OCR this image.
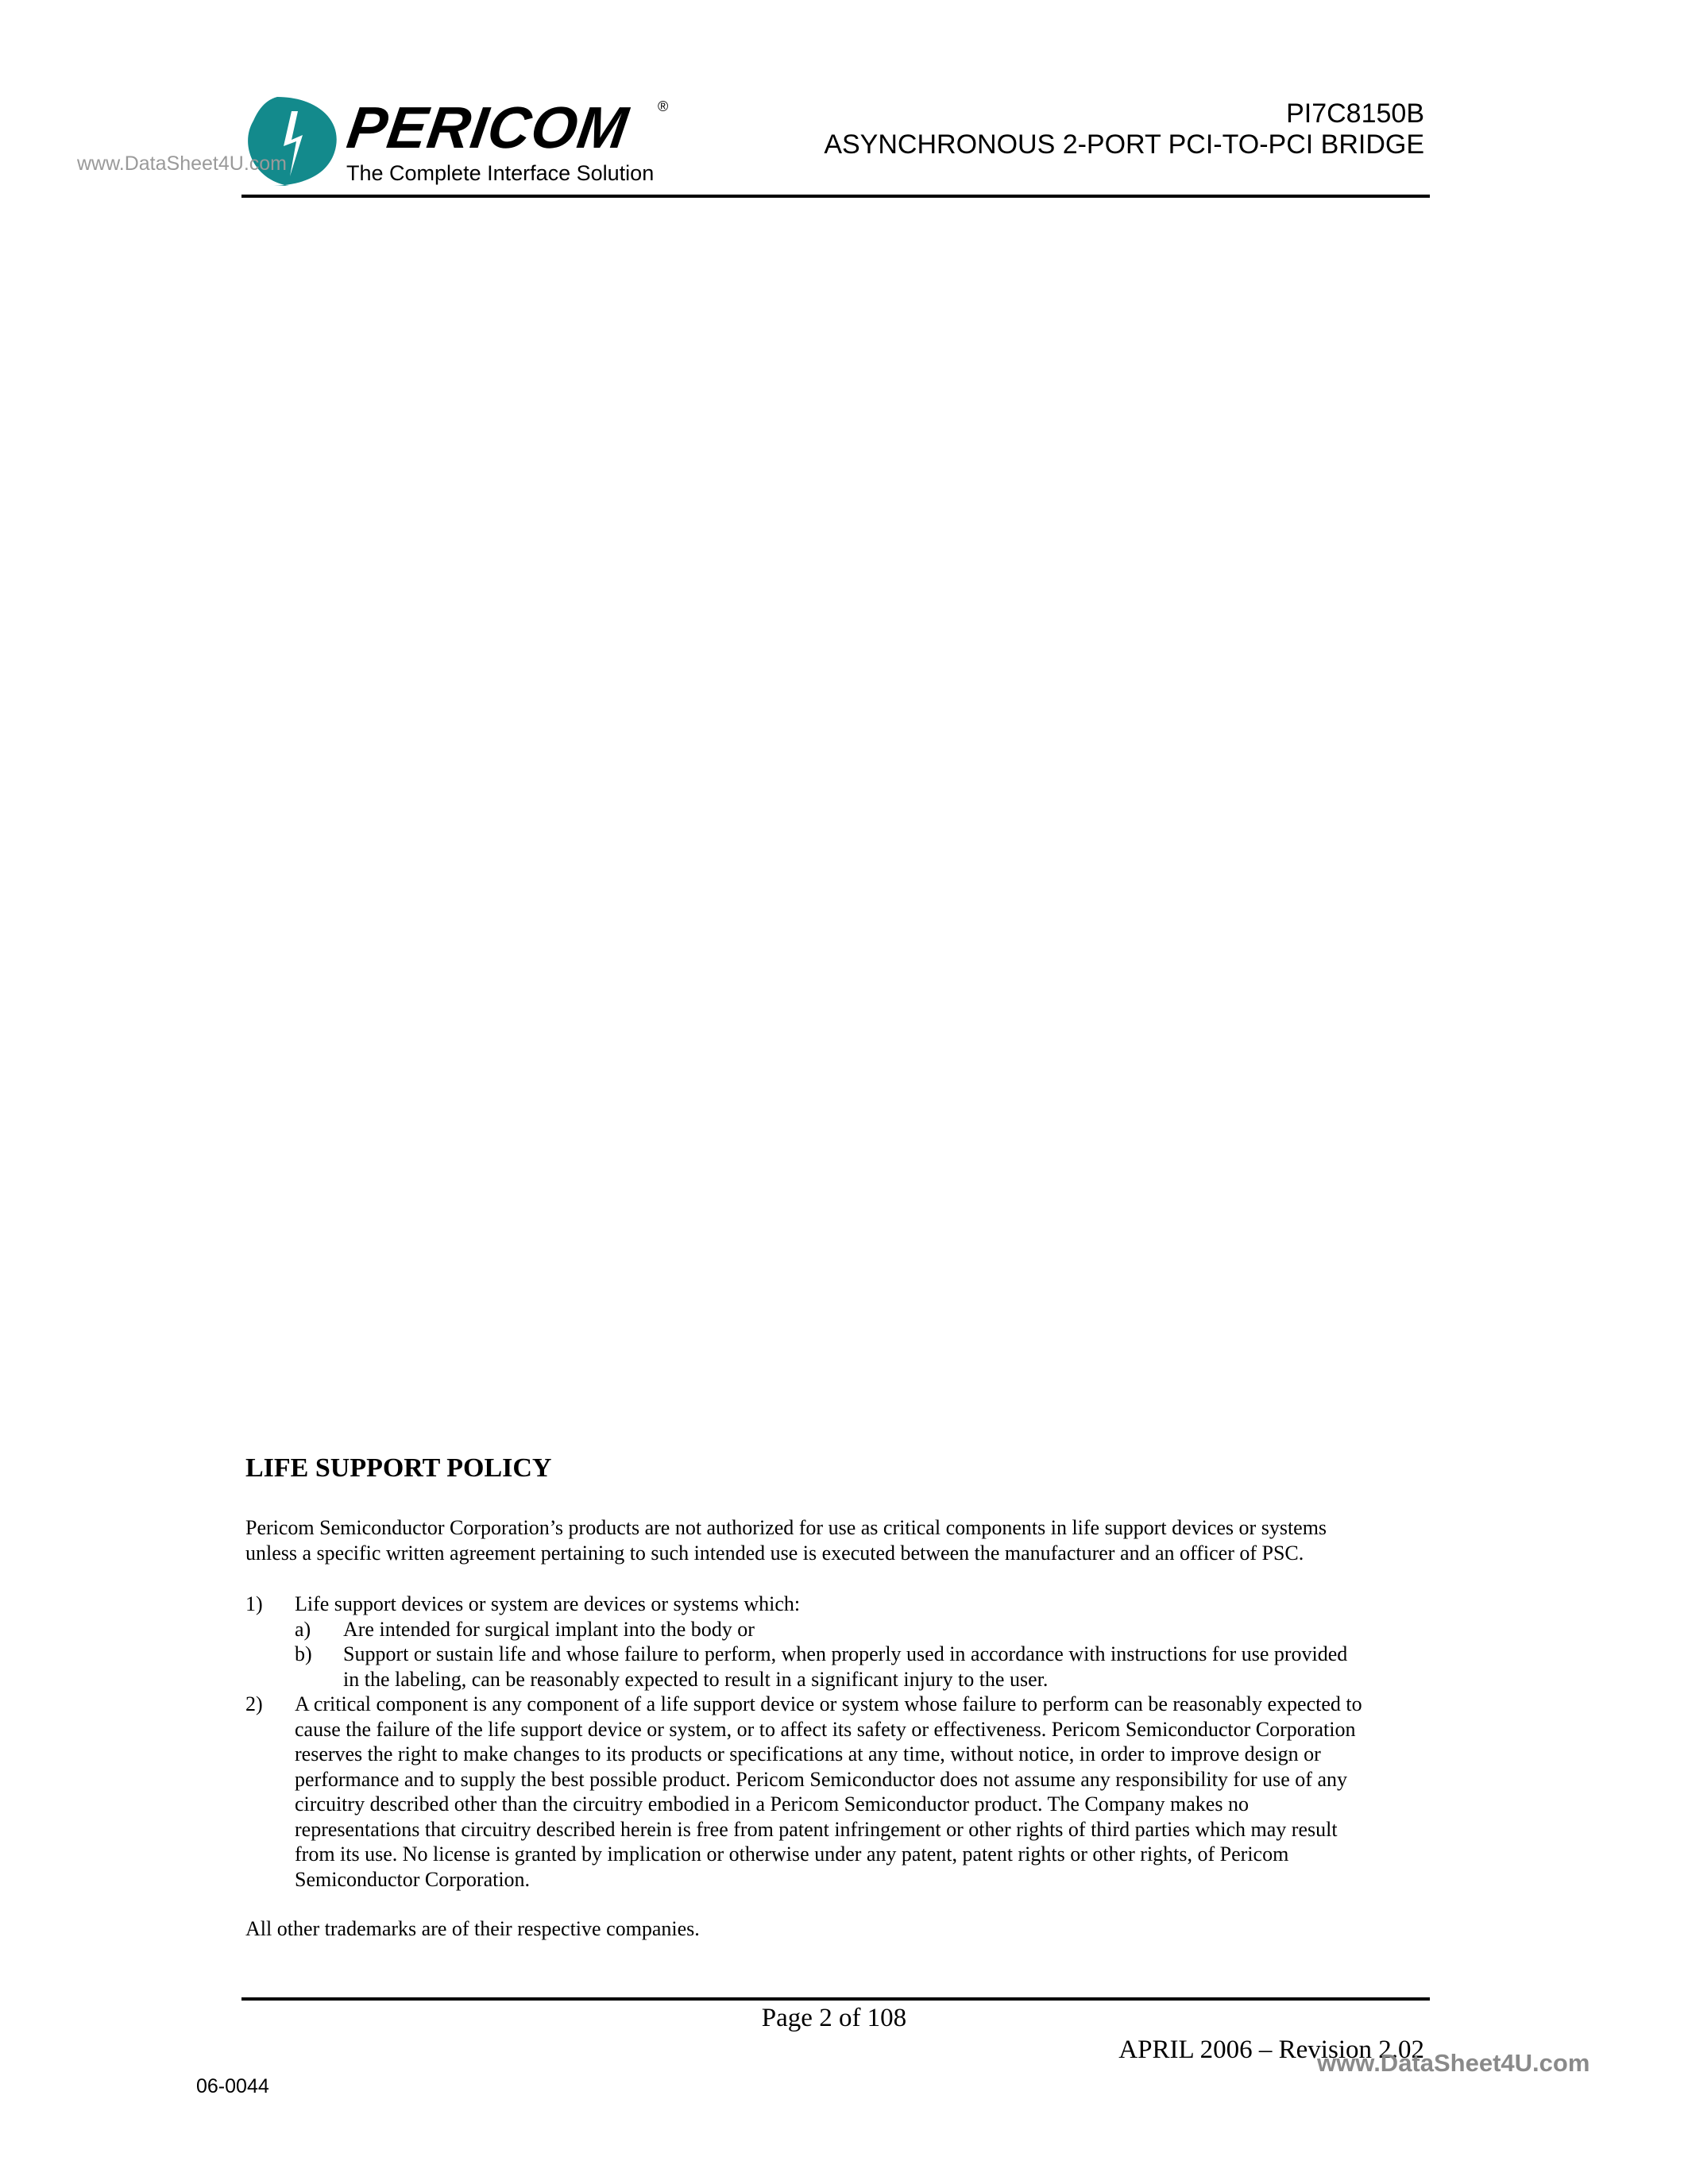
PERICOM ®
The Complete Interface Solution
www.DataSheet4U.com
PI7C8150B
ASYNCHRONOUS 2-PORT PCI-TO-PCI BRIDGE
LIFE SUPPORT POLICY
Pericom Semiconductor Corporation’s products are not authorized for use as critical components in life support devices or systems
unless a specific written agreement pertaining to such intended use is executed between the manufacturer and an officer of PSC.
1) Life support devices or system are devices or systems which:
a) Are intended for surgical implant into the body or
b) Support or sustain life and whose failure to perform, when properly used in accordance with instructions for use provided
in the labeling, can be reasonably expected to result in a significant injury to the user.
2) A critical component is any component of a life support device or system whose failure to perform can be reasonably expected to
cause the failure of the life support device or system, or to affect its safety or effectiveness. Pericom Semiconductor Corporation
reserves the right to make changes to its products or specifications at any time, without notice, in order to improve design or
performance and to supply the best possible product. Pericom Semiconductor does not assume any responsibility for use of any
circuitry described other than the circuitry embodied in a Pericom Semiconductor product. The Company makes no
representations that circuitry described herein is free from patent infringement or other rights of third parties which may result
from its use. No license is granted by implication or otherwise under any patent, patent rights or other rights, of Pericom
Semiconductor Corporation.
All other trademarks are of their respective companies.
Page 2 of 108
APRIL 2006 – Revision 2.02
www.DataSheet4U.com
06-0044
